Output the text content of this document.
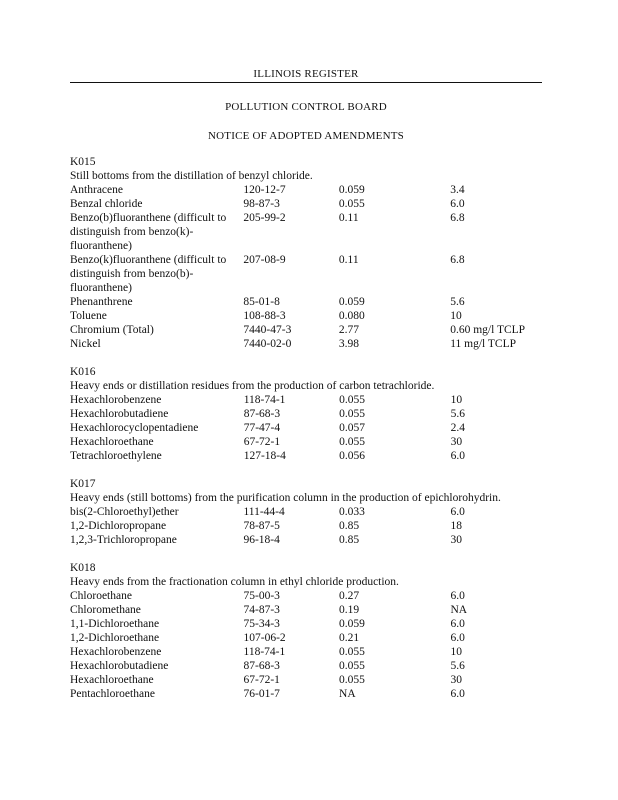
ILLINOIS REGISTER
POLLUTION CONTROL BOARD
NOTICE OF ADOPTED AMENDMENTS
K015
Still bottoms from the distillation of benzyl chloride.
Anthracene	120-12-7	0.059	3.4
Benzal chloride	98-87-3	0.055	6.0
Benzo(b)fluoranthene (difficult to distinguish from benzo(k)-fluoranthene)	205-99-2	0.11	6.8
Benzo(k)fluoranthene (difficult to distinguish from benzo(b)-fluoranthene)	207-08-9	0.11	6.8
Phenanthrene	85-01-8	0.059	5.6
Toluene	108-88-3	0.080	10
Chromium (Total)	7440-47-3	2.77	0.60 mg/l TCLP
Nickel	7440-02-0	3.98	11 mg/l TCLP
K016
Heavy ends or distillation residues from the production of carbon tetrachloride.
Hexachlorobenzene	118-74-1	0.055	10
Hexachlorobutadiene	87-68-3	0.055	5.6
Hexachlorocyclopentadiene	77-47-4	0.057	2.4
Hexachloroethane	67-72-1	0.055	30
Tetrachloroethylene	127-18-4	0.056	6.0
K017
Heavy ends (still bottoms) from the purification column in the production of epichlorohydrin.
bis(2-Chloroethyl)ether	111-44-4	0.033	6.0
1,2-Dichloropropane	78-87-5	0.85	18
1,2,3-Trichloropropane	96-18-4	0.85	30
K018
Heavy ends from the fractionation column in ethyl chloride production.
Chloroethane	75-00-3	0.27	6.0
Chloromethane	74-87-3	0.19	NA
1,1-Dichloroethane	75-34-3	0.059	6.0
1,2-Dichloroethane	107-06-2	0.21	6.0
Hexachlorobenzene	118-74-1	0.055	10
Hexachlorobutadiene	87-68-3	0.055	5.6
Hexachloroethane	67-72-1	0.055	30
Pentachloroethane	76-01-7	NA	6.0
